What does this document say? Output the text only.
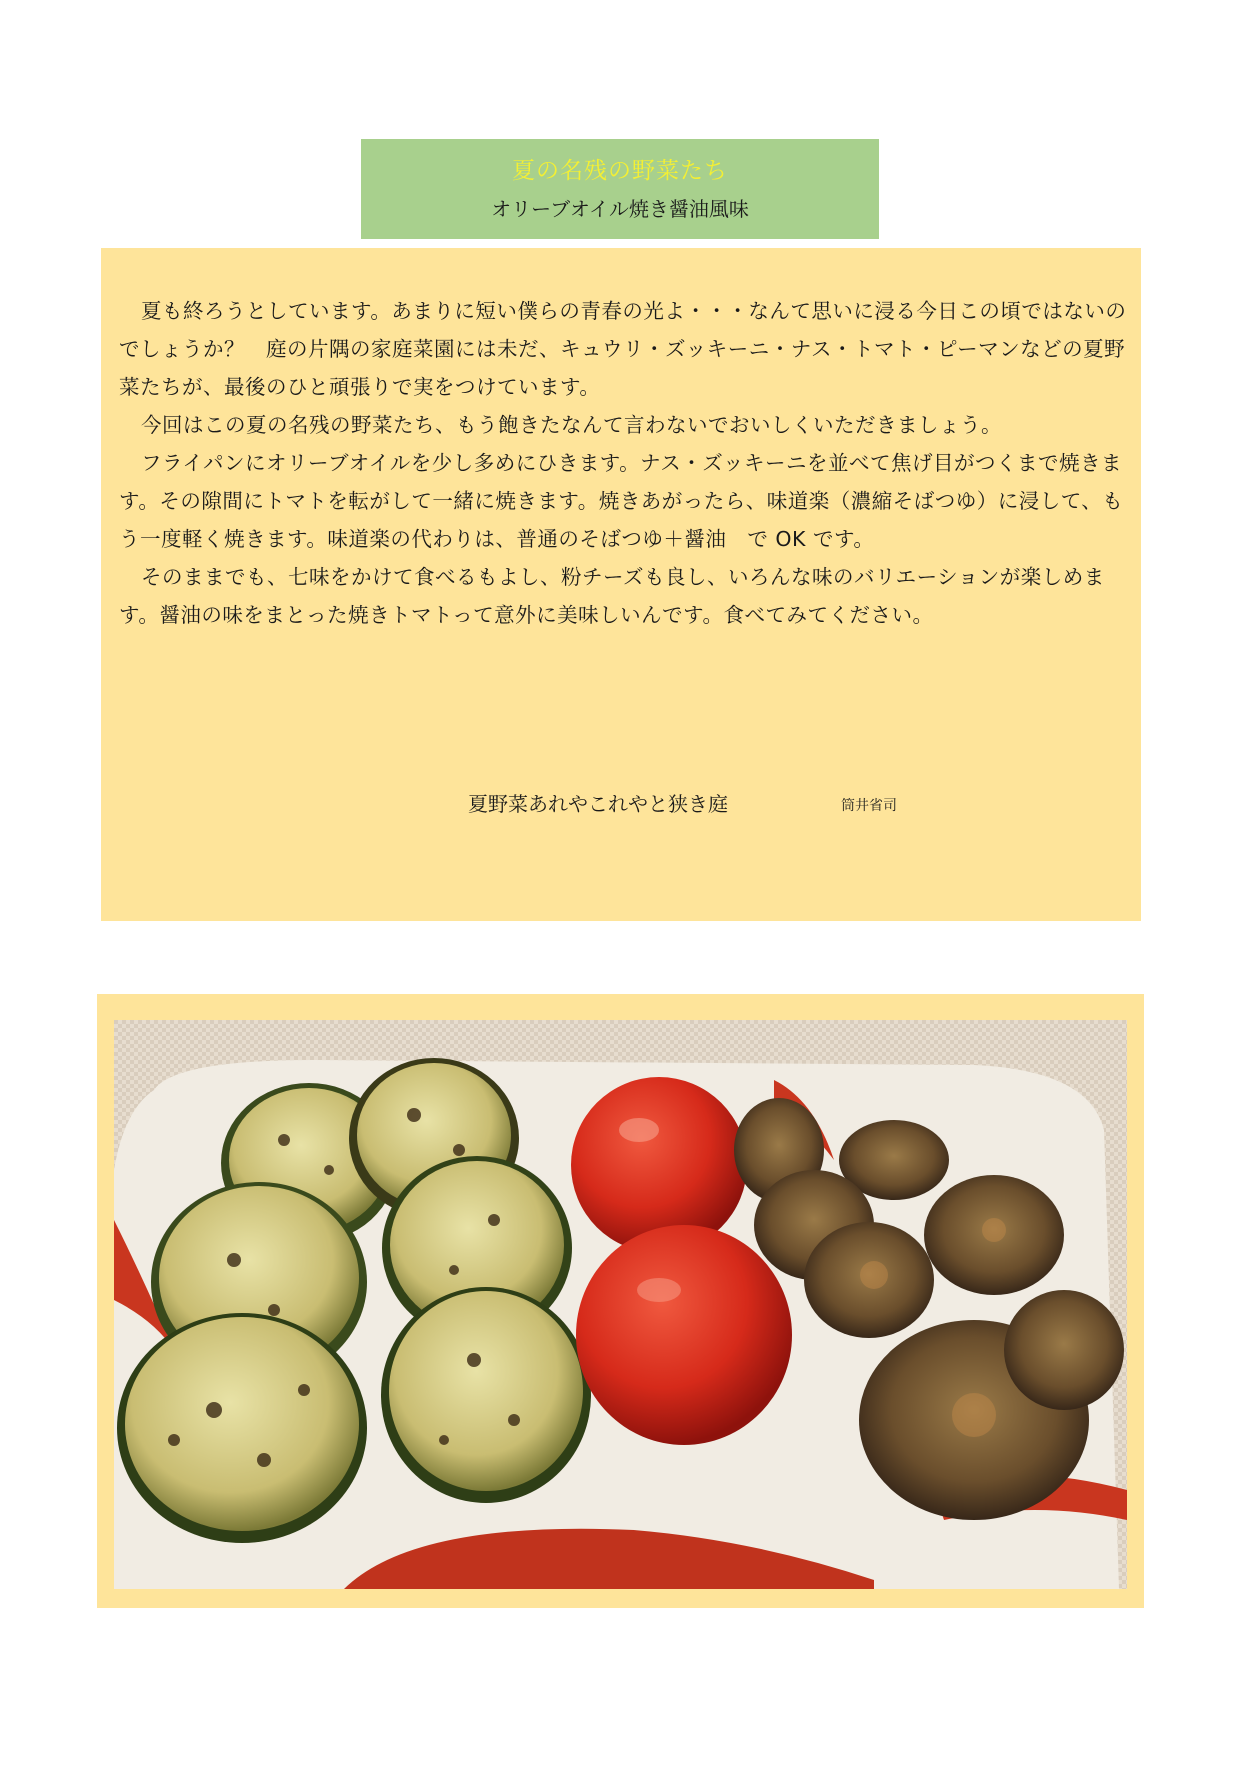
夏の名残の野菜たち
オリーブオイル焼き醤油風味
夏も終ろうとしています。あまりに短い僕らの青春の光よ・・・なんて思いに浸る今日この頃ではないのでしょうか？　庭の片隅の家庭菜園には未だ、キュウリ・ズッキーニ・ナス・トマト・ピーマンなどの夏野菜たちが、最後のひと頑張りで実をつけています。
今回はこの夏の名残の野菜たち、もう飽きたなんて言わないでおいしくいただきましょう。
フライパンにオリーブオイルを少し多めにひきます。ナス・ズッキーニを並べて焦げ目がつくまで焼きます。その隙間にトマトを転がして一緒に焼きます。焼きあがったら、味道楽（濃縮そばつゆ）に浸して、もう一度軽く焼きます。味道楽の代わりは、普通のそばつゆ＋醤油　で OK です。
そのままでも、七味をかけて食べるもよし、粉チーズも良し、いろんな味のバリエーションが楽しめます。醤油の味をまとった焼きトマトって意外に美味しいんです。食べてみてください。
夏野菜あれやこれやと狭き庭	筒井省司
